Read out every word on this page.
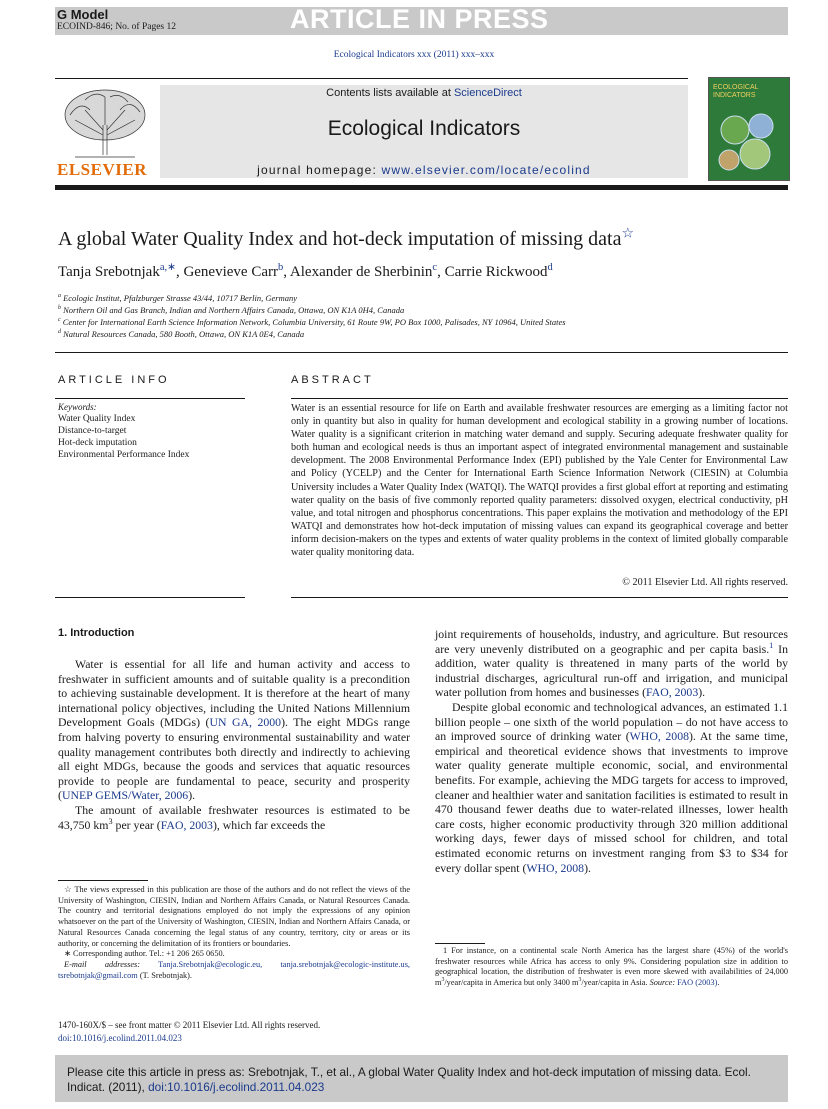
G Model
ECOIND-846; No. of Pages 12	ARTICLE IN PRESS
Ecological Indicators xxx (2011) xxx–xxx
ELSEVIER
Contents lists available at ScienceDirect
Ecological Indicators
journal homepage: www.elsevier.com/locate/ecolind
ECOLOGICAL INDICATORS
A global Water Quality Index and hot-deck imputation of missing data☆
Tanja Srebotnjak$^{a,∗}$, Genevieve Carr$^b$, Alexander de Sherbinin$^c$, Carrie Rickwood$^d$
$^a$ Ecologic Institut, Pfalzburger Strasse 43/44, 10717 Berlin, Germany
$^b$ Northern Oil and Gas Branch, Indian and Northern Affairs Canada, Ottawa, ON K1A 0H4, Canada
$^c$ Center for International Earth Science Information Network, Columbia University, 61 Route 9W, PO Box 1000, Palisades, NY 10964, United States
$^d$ Natural Resources Canada, 580 Booth, Ottawa, ON K1A 0E4, Canada
ARTICLE INFO
Keywords:
Water Quality Index
Distance-to-target
Hot-deck imputation
Environmental Performance Index
ABSTRACT
Water is an essential resource for life on Earth and available freshwater resources are emerging as a limiting factor not only in quantity but also in quality for human development and ecological stability in a growing number of locations. Water quality is a significant criterion in matching water demand and supply. Securing adequate freshwater quality for both human and ecological needs is thus an important aspect of integrated environmental management and sustainable development. The 2008 Environmental Performance Index (EPI) published by the Yale Center for Environmental Law and Policy (YCELP) and the Center for International Earth Science Information Network (CIESIN) at Columbia University includes a Water Quality Index (WATQI). The WATQI provides a first global effort at reporting and estimating water quality on the basis of five commonly reported quality parameters: dissolved oxygen, electrical conductivity, pH value, and total nitrogen and phosphorus concentrations. This paper explains the motivation and methodology of the EPI WATQI and demonstrates how hot-deck imputation of missing values can expand its geographical coverage and better inform decision-makers on the types and extents of water quality problems in the context of limited globally comparable water quality monitoring data.
© 2011 Elsevier Ltd. All rights reserved.
1. Introduction

Water is essential for all life and human activity and access to freshwater in sufficient amounts and of suitable quality is a precondition to achieving sustainable development. It is therefore at the heart of many international policy objectives, including the United Nations Millennium Development Goals (MDGs) (UN GA, 2000). The eight MDGs range from halving poverty to ensuring environmental sustainability and water quality management contributes both directly and indirectly to achieving all eight MDGs, because the goods and services that aquatic resources provide to people are fundamental to peace, security and prosperity (UNEP GEMS/Water, 2006).

The amount of available freshwater resources is estimated to be 43,750 $km^3$ per year (FAO, 2003), which far exceeds the

joint requirements of households, industry, and agriculture. But resources are very unevenly distributed on a geographic and per capita basis.$^1$ In addition, water quality is threatened in many parts of the world by industrial discharges, agricultural run-off and irrigation, and municipal water pollution from homes and businesses (FAO, 2003).

Despite global economic and technological advances, an estimated 1.1 billion people – one sixth of the world population – do not have access to an improved source of drinking water (WHO, 2008). At the same time, empirical and theoretical evidence shows that investments to improve water quality generate multiple economic, social, and environmental benefits. For example, achieving the MDG targets for access to improved, cleaner and healthier water and sanitation facilities is estimated to result in 470 thousand fewer deaths due to water-related illnesses, lower health care costs, higher economic productivity through 320 million additional working days, fewer days of missed school for children, and total estimated economic returns on investment ranging from $3 to $34 for every dollar spent (WHO, 2008).

☆ The views expressed in this publication are those of the authors and do not reflect the views of the University of Washington, CIESIN, Indian and Northern Affairs Canada, or Natural Resources Canada. The country and territorial designations employed do not imply the expressions of any opinion whatsoever on the part of the University of Washington, CIESIN, Indian and Northern Affairs Canada, or Natural Resources Canada concerning the legal status of any country, territory, city or areas or its authority, or concerning the delimitation of its frontiers or boundaries.

∗ Corresponding author. Tel.: +1 206 265 0650.

E-mail addresses: Tanja.Srebotnjak@ecologic.eu, tanja.srebotnjak@ecologic-institute.us, tsrebotnjak@gmail.com (T. Srebotnjak).

1 For instance, on a continental scale North America has the largest share (45%) of the world's freshwater resources while Africa has access to only 9%. Considering population size in addition to geographical location, the distribution of freshwater is even more skewed with availabilities of 24,000 $m^3/year$/capita in America but only 3400 $m^3/year$/capita in Asia. Source: FAO (2003).

1470-160X/$ – see front matter © 2011 Elsevier Ltd. All rights reserved.
doi:10.1016/j.ecolind.2011.04.023
Please cite this article in press as: Srebotnjak, T., et al., A global Water Quality Index and hot-deck imputation of missing data. Ecol. Indicat. (2011), doi:10.1016/j.ecolind.2011.04.023
